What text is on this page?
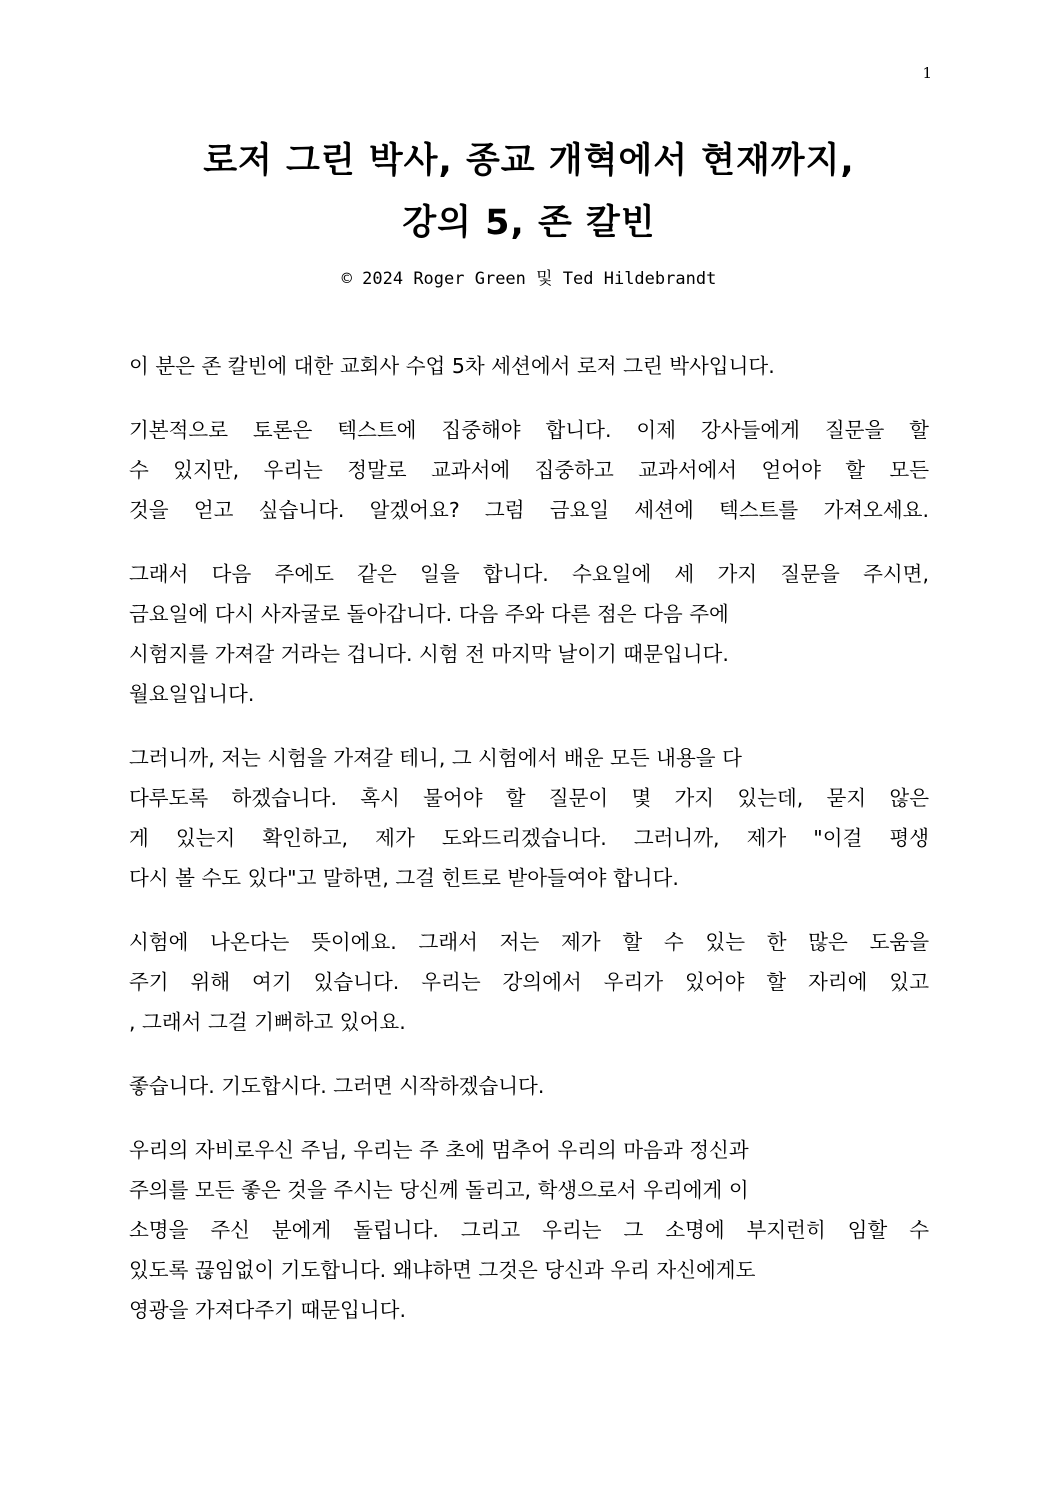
1
로저 그린 박사, 종교 개혁에서 현재까지,
강의 5, 존 칼빈
© 2024 Roger Green 및 Ted Hildebrandt

이 분은 존 칼빈에 대한 교회사 수업 5차 세션에서 로저 그린 박사입니다.

기본적으로 토론은 텍스트에 집중해야 합니다. 이제 강사들에게 질문을 할
수 있지만, 우리는 정말로 교과서에 집중하고 교과서에서 얻어야 할 모든
것을 얻고 싶습니다. 알겠어요? 그럼 금요일 세션에 텍스트를 가져오세요.

그래서 다음 주에도 같은 일을 합니다. 수요일에 세 가지 질문을 주시면,
금요일에 다시 사자굴로 돌아갑니다. 다음 주와 다른 점은 다음 주에
시험지를 가져갈 거라는 겁니다. 시험 전 마지막 날이기 때문입니다.
월요일입니다.

그러니까, 저는 시험을 가져갈 테니, 그 시험에서 배운 모든 내용을 다
다루도록 하겠습니다. 혹시 물어야 할 질문이 몇 가지 있는데, 묻지 않은
게 있는지 확인하고, 제가 도와드리겠습니다. 그러니까, 제가 "이걸 평생
다시 볼 수도 있다"고 말하면, 그걸 힌트로 받아들여야 합니다.

시험에 나온다는 뜻이에요. 그래서 저는 제가 할 수 있는 한 많은 도움을
주기 위해 여기 있습니다. 우리는 강의에서 우리가 있어야 할 자리에 있고
, 그래서 그걸 기뻐하고 있어요.

좋습니다. 기도합시다. 그러면 시작하겠습니다.

우리의 자비로우신 주님, 우리는 주 초에 멈추어 우리의 마음과 정신과
주의를 모든 좋은 것을 주시는 당신께 돌리고, 학생으로서 우리에게 이
소명을 주신 분에게 돌립니다. 그리고 우리는 그 소명에 부지런히 임할 수
있도록 끊임없이 기도합니다. 왜냐하면 그것은 당신과 우리 자신에게도
영광을 가져다주기 때문입니다.
